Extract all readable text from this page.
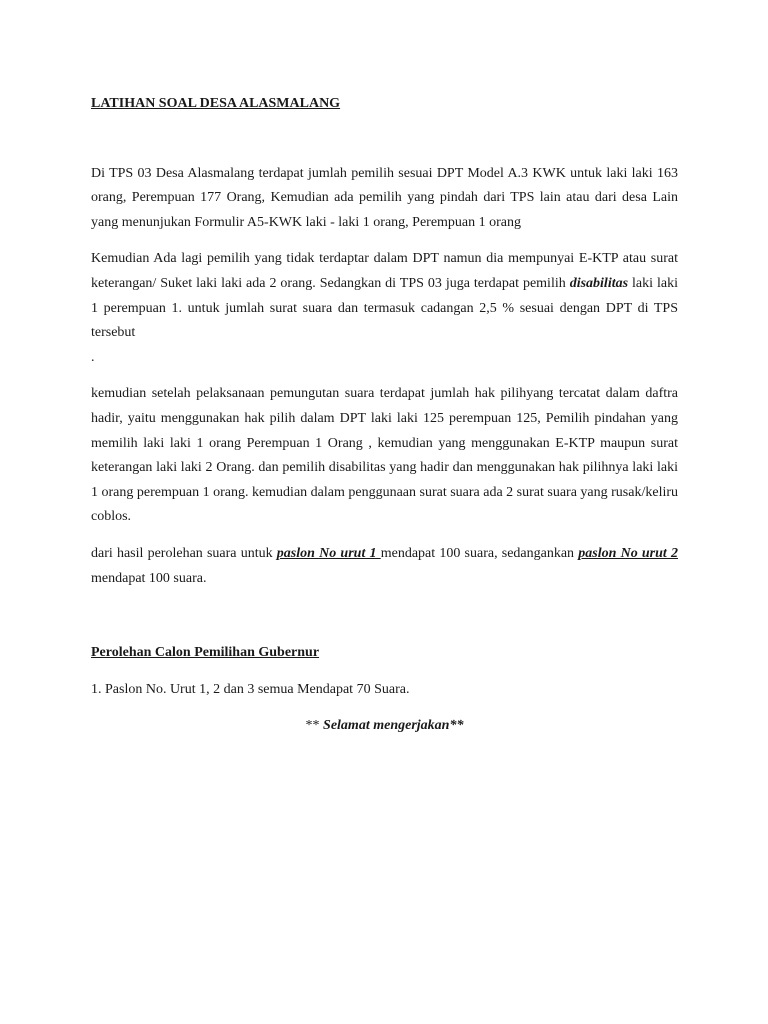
LATIHAN SOAL DESA ALASMALANG

Di TPS 03 Desa Alasmalang terdapat jumlah pemilih sesuai DPT Model A.3 KWK untuk laki laki 163 orang, Perempuan 177 Orang, Kemudian ada pemilih yang pindah dari TPS lain atau dari desa Lain yang menunjukan Formulir A5-KWK laki - laki 1 orang, Perempuan 1 orang

Kemudian Ada lagi pemilih yang tidak terdaptar dalam DPT namun dia mempunyai E-KTP atau surat keterangan/ Suket laki laki ada 2 orang. Sedangkan di TPS 03 juga terdapat pemilih disabilitas laki laki 1 perempuan 1. untuk jumlah surat suara dan termasuk cadangan 2,5 % sesuai dengan DPT di TPS tersebut

.

kemudian setelah pelaksanaan pemungutan suara terdapat jumlah hak pilihyang tercatat dalam daftra hadir, yaitu menggunakan hak pilih dalam DPT laki laki 125 perempuan 125, Pemilih pindahan yang memilih laki laki 1 orang Perempuan 1 Orang , kemudian yang menggunakan E-KTP maupun surat keterangan laki laki 2 Orang. dan pemilih disabilitas yang hadir dan menggunakan hak pilihnya laki laki 1 orang perempuan 1 orang. kemudian dalam penggunaan surat suara ada 2 surat suara yang rusak/keliru coblos.

dari hasil perolehan suara untuk paslon No urut 1 mendapat 100 suara, sedangankan paslon No urut 2 mendapat 100 suara.

Perolehan Calon Pemilihan Gubernur

1. Paslon No. Urut 1, 2 dan 3 semua Mendapat 70 Suara.

** Selamat mengerjakan**
